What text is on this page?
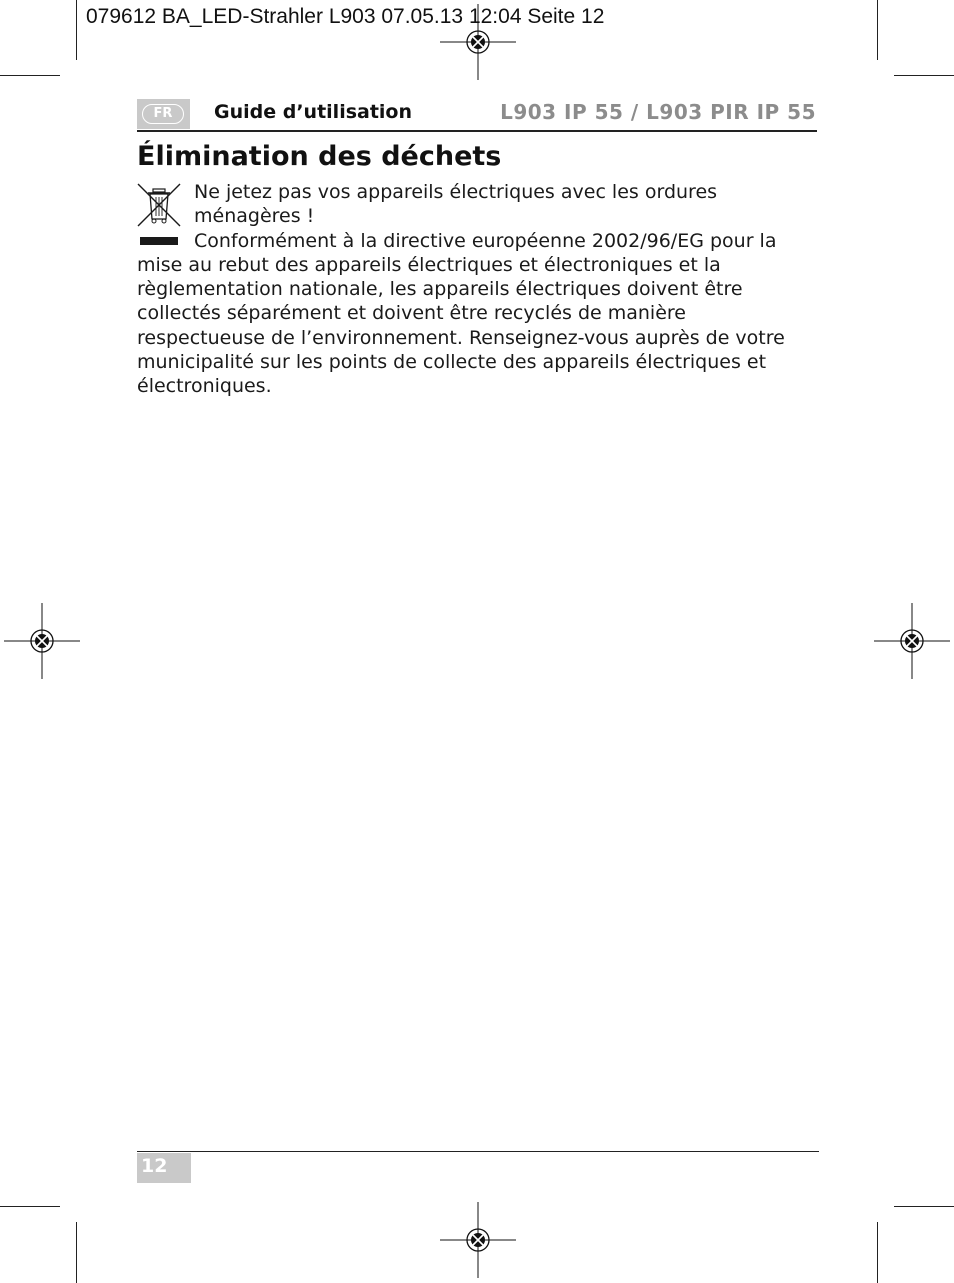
079612 BA_LED-Strahler L903 07.05.13 12:04 Seite 12
FR	Guide d’utilisation	L903 IP 55 / L903 PIR IP 55
Élimination des déchets
Ne jetez pas vos appareils électriques avec les ordures ménagères !
Conformément à la directive européenne 2002/96/EG pour la
mise au rebut des appareils électriques et électroniques et la règlementation nationale, les appareils électriques doivent être collectés séparément et doivent être recyclés de manière respectueuse de l’environnement. Renseignez-vous auprès de votre municipalité sur les points de collecte des appareils électriques et électroniques.
12
